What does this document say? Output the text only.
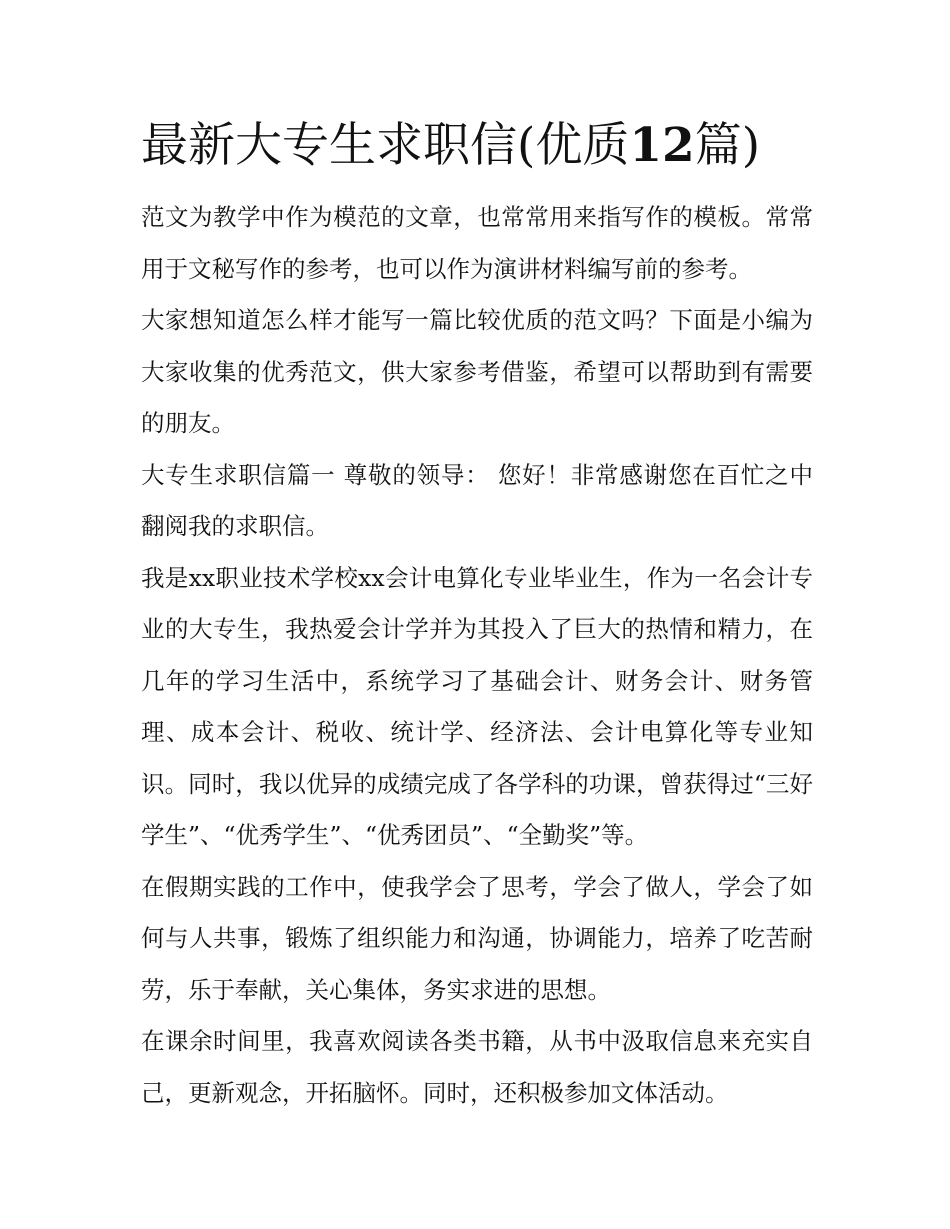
最新大专生求职信(优质12篇)

范文为教学中作为模范的文章，也常常用来指写作的模板。常常用于文秘写作的参考，也可以作为演讲材料编写前的参考。

大家想知道怎么样才能写一篇比较优质的范文吗？下面是小编为大家收集的优秀范文，供大家参考借鉴，希望可以帮助到有需要的朋友。

大专生求职信篇一 尊敬的领导： 您好！非常感谢您在百忙之中翻阅我的求职信。

我是xx职业技术学校xx会计电算化专业毕业生，作为一名会计专业的大专生，我热爱会计学并为其投入了巨大的热情和精力，在几年的学习生活中，系统学习了基础会计、财务会计、财务管理、成本会计、税收、统计学、经济法、会计电算化等专业知识。同时，我以优异的成绩完成了各学科的功课，曾获得过“三好学生”、“优秀学生”、“优秀团员”、“全勤奖”等。

在假期实践的工作中，使我学会了思考，学会了做人，学会了如何与人共事，锻炼了组织能力和沟通，协调能力，培养了吃苦耐劳，乐于奉献，关心集体，务实求进的思想。

在课余时间里，我喜欢阅读各类书籍，从书中汲取信息来充实自己，更新观念，开拓脑怀。同时，还积极参加文体活动。
